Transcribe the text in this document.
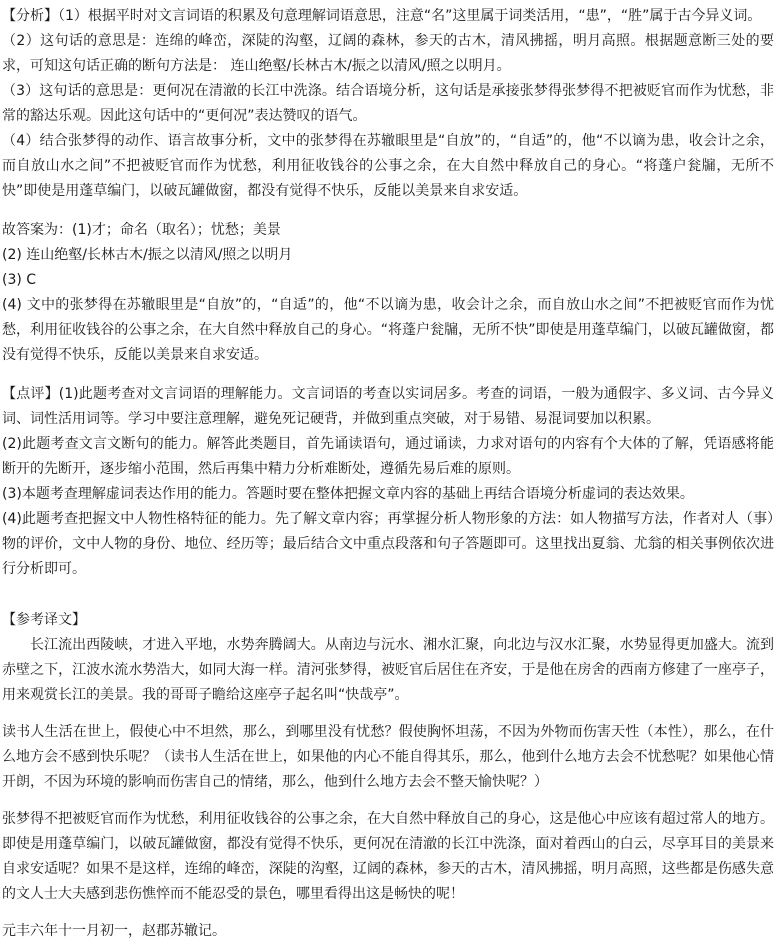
【分析】（1）根据平时对文言词语的积累及句意理解词语意思，注意“名”这里属于词类活用，“患”，“胜”属于古今异义词。

（2）这句话的意思是：连绵的峰峦，深陡的沟壑，辽阔的森林，参天的古木，清风拂摇，明月高照。根据题意断三处的要求，可知这句话正确的断句方法是： 连山绝壑/长林古木/振之以清风/照之以明月。

（3）这句话的意思是：更何况在清澈的长江中洗涤。结合语境分析，这句话是承接张梦得张梦得不把被贬官而作为忧愁，非常的豁达乐观。因此这句话中的“更何况”表达赞叹的语气。

（4）结合张梦得的动作、语言故事分析，文中的张梦得在苏辙眼里是“自放”的，“自适”的，他“不以谪为患，收会计之余，而自放山水之间”不把被贬官而作为忧愁，利用征收钱谷的公事之余，在大自然中释放自己的身心。“将蓬户瓮牖，无所不快”即使是用蓬草编门，以破瓦罐做窗，都没有觉得不快乐，反能以美景来自求安适。

故答案为：(1)才；命名（取名）；忧愁；美景

(2) 连山绝壑/长林古木/振之以清风/照之以明月

(3) C

(4) 文中的张梦得在苏辙眼里是“自放”的，“自适”的，他“不以谪为患，收会计之余，而自放山水之间”不把被贬官而作为忧愁，利用征收钱谷的公事之余，在大自然中释放自己的身心。“将蓬户瓮牖，无所不快”即使是用蓬草编门，以破瓦罐做窗，都没有觉得不快乐，反能以美景来自求安适。

【点评】(1)此题考查对文言词语的理解能力。文言词语的考查以实词居多。考查的词语，一般为通假字、多义词、古今异义词、词性活用词等。学习中要注意理解，避免死记硬背，并做到重点突破，对于易错、易混词要加以积累。

(2)此题考查文言文断句的能力。解答此类题目，首先诵读语句，通过诵读，力求对语句的内容有个大体的了解，凭语感将能断开的先断开，逐步缩小范围，然后再集中精力分析难断处，遵循先易后难的原则。

(3)本题考查理解虚词表达作用的能力。答题时要在整体把握文章内容的基础上再结合语境分析虚词的表达效果。

(4)此题考查把握文中人物性格特征的能力。先了解文章内容；再掌握分析人物形象的方法：如人物描写方法，作者对人（事）物的评价，文中人物的身份、地位、经历等；最后结合文中重点段落和句子答题即可。这里找出夏翁、尤翁的相关事例依次进行分析即可。

【参考译文】

长江流出西陵峡，才进入平地，水势奔腾阔大。从南边与沅水、湘水汇聚，向北边与汉水汇聚，水势显得更加盛大。流到赤壁之下，江波水流水势浩大，如同大海一样。清河张梦得，被贬官后居住在齐安，于是他在房舍的西南方修建了一座亭子，用来观赏长江的美景。我的哥哥子瞻给这座亭子起名叫“快哉亭”。

读书人生活在世上，假使心中不坦然，那么，到哪里没有忧愁？假使胸怀坦荡，不因为外物而伤害天性（本性），那么，在什么地方会不感到快乐呢？（读书人生活在世上，如果他的内心不能自得其乐，那么，他到什么地方去会不忧愁呢？如果他心情开朗，不因为环境的影响而伤害自己的情绪，那么，他到什么地方去会不整天愉快呢？）

张梦得不把被贬官而作为忧愁，利用征收钱谷的公事之余，在大自然中释放自己的身心，这是他心中应该有超过常人的地方。即使是用蓬草编门，以破瓦罐做窗，都没有觉得不快乐，更何况在清澈的长江中洗涤，面对着西山的白云，尽享耳目的美景来自求安适呢？如果不是这样，连绵的峰峦，深陡的沟壑，辽阔的森林，参天的古木，清风拂摇，明月高照，这些都是伤感失意的文人士大夫感到悲伤憔悴而不能忍受的景色，哪里看得出这是畅快的呢！

元丰六年十一月初一，赵郡苏辙记。
